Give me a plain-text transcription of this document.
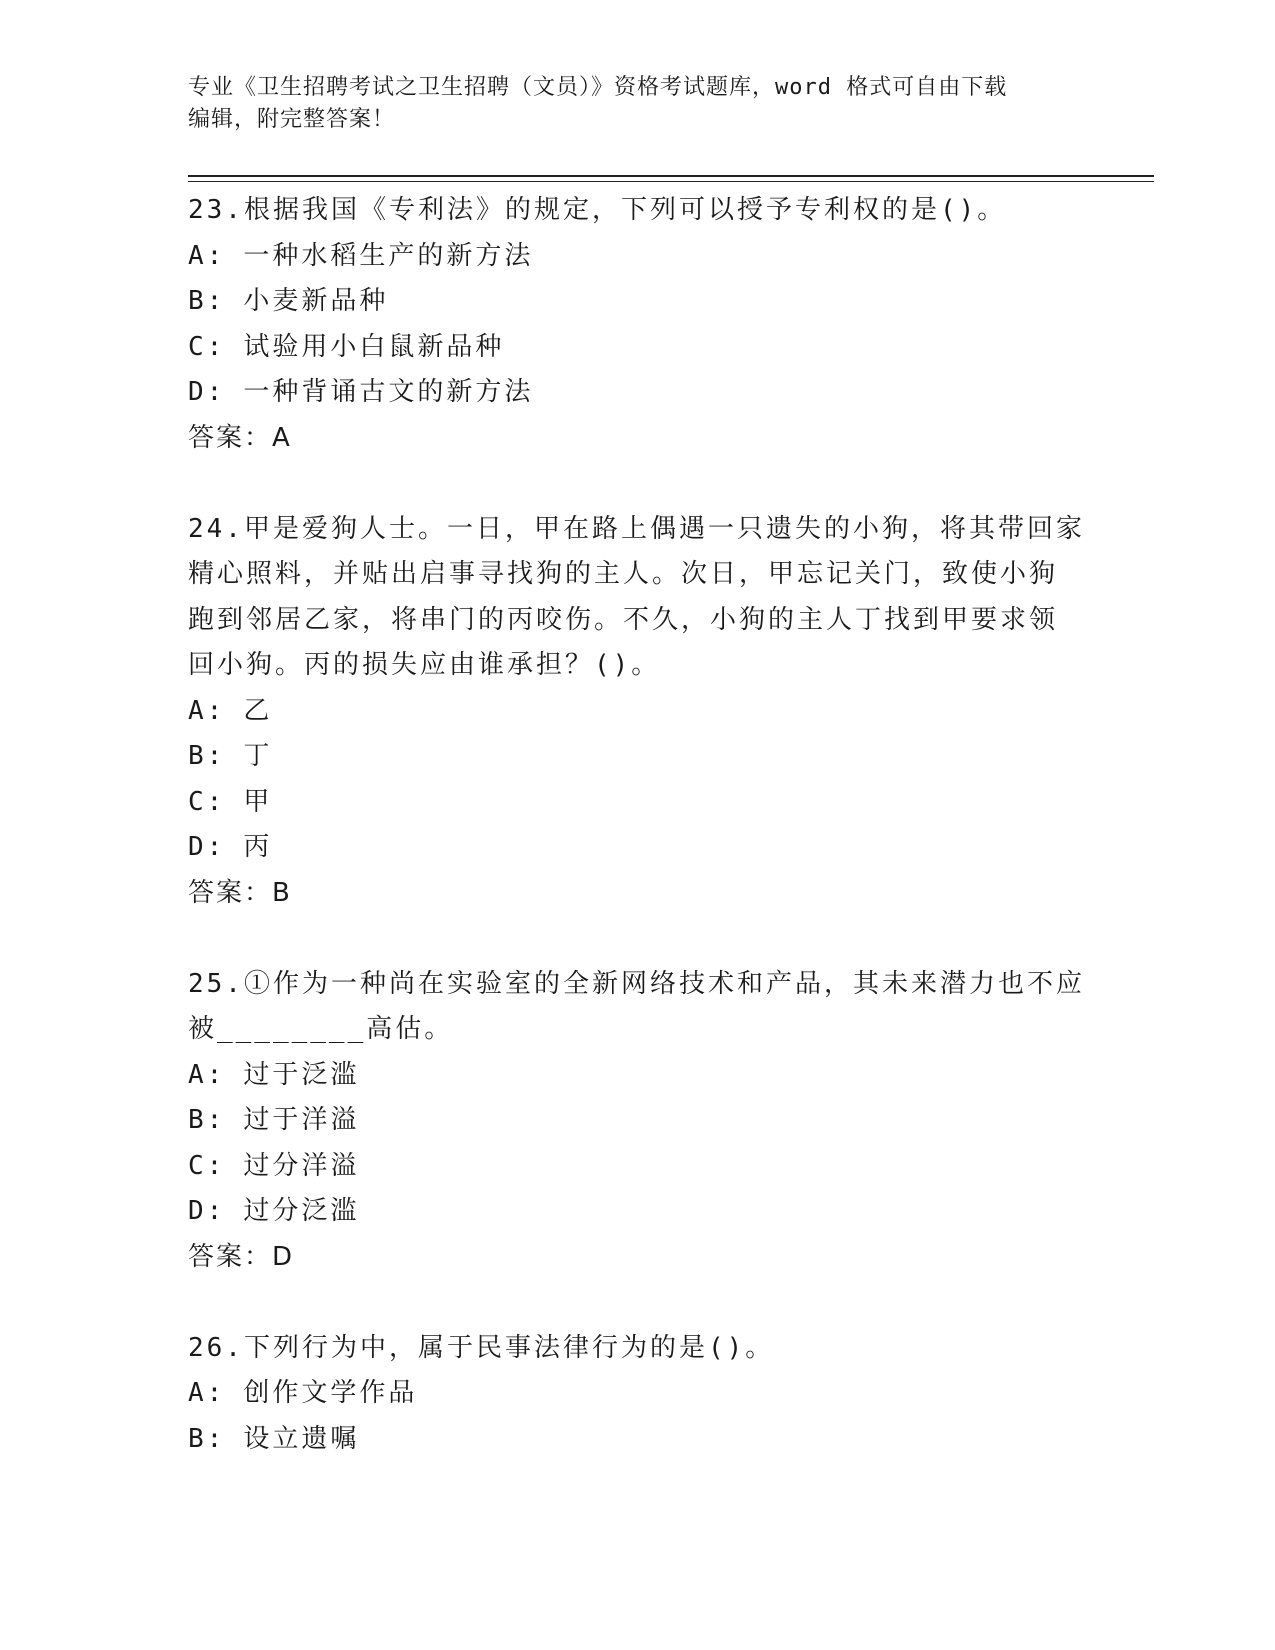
专业《卫生招聘考试之卫生招聘（文员）》资格考试题库，word 格式可自由下载
编辑，附完整答案！
23.根据我国《专利法》的规定，下列可以授予专利权的是()。
A: 一种水稻生产的新方法
B: 小麦新品种
C: 试验用小白鼠新品种
D: 一种背诵古文的新方法
答案：A
24.甲是爱狗人士。一日，甲在路上偶遇一只遗失的小狗，将其带回家
精心照料，并贴出启事寻找狗的主人。次日，甲忘记关门，致使小狗
跑到邻居乙家，将串门的丙咬伤。不久，小狗的主人丁找到甲要求领
回小狗。丙的损失应由谁承担？()。
A: 乙
B: 丁
C: 甲
D: 丙
答案：B
25.①作为一种尚在实验室的全新网络技术和产品，其未来潜力也不应
被________高估。
A: 过于泛滥
B: 过于洋溢
C: 过分洋溢
D: 过分泛滥
答案：D
26.下列行为中，属于民事法律行为的是()。
A: 创作文学作品
B: 设立遗嘱
